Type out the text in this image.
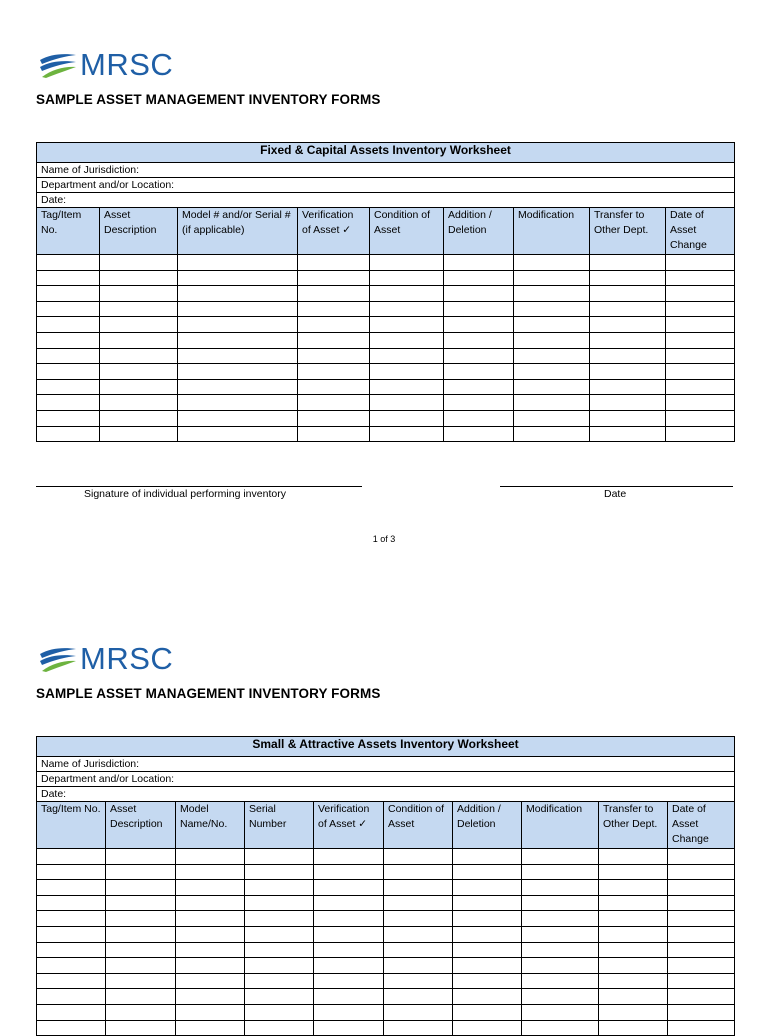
MRSC
SAMPLE ASSET MANAGEMENT INVENTORY FORMS
Fixed & Capital Assets Inventory Worksheet								
Name of Jurisdiction:								
Department and/or Location:								
Date:								
Tag/Item No.	Asset Description	Model # and/or Serial # (if applicable)	Verification of Asset ✓	Condition of Asset	Addition / Deletion	Modification	Transfer to Other Dept.	Date of Asset Change

Signature of individual performing inventory	Date
1 of 3
MRSC
SAMPLE ASSET MANAGEMENT INVENTORY FORMS
Small & Attractive Assets Inventory Worksheet									
Name of Jurisdiction:									
Department and/or Location:									
Date:									
Tag/Item No.	Asset Description	Model Name/No.	Serial Number	Verification of Asset ✓	Condition of Asset	Addition / Deletion	Modification	Transfer to Other Dept.	Date of Asset Change
